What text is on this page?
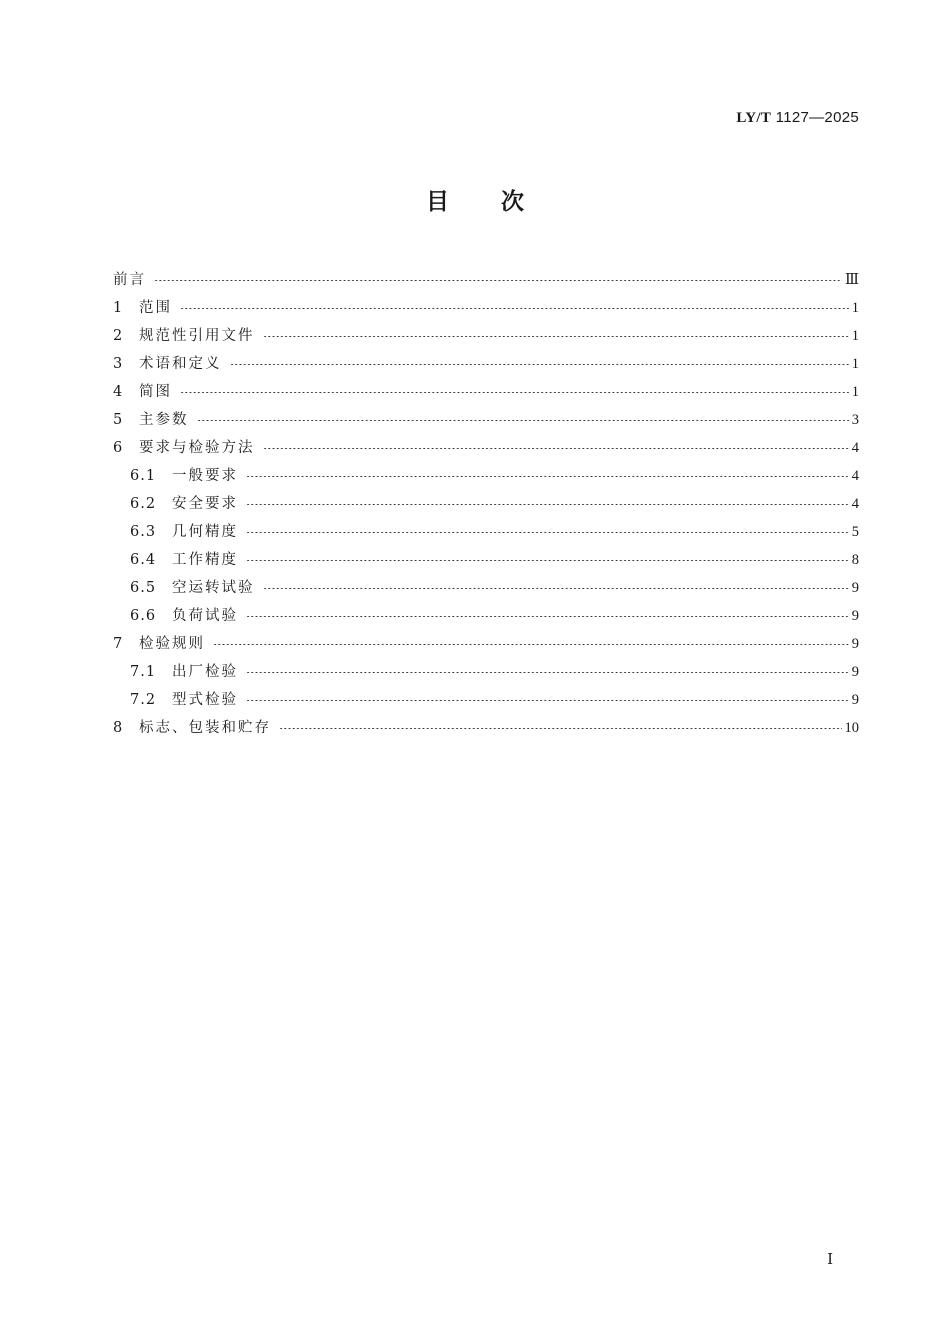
LY/T 1127—2025
目次
前言	Ⅲ
1	范围	1
2	规范性引用文件	1
3	术语和定义	1
4	简图	1
5	主参数	3
6	要求与检验方法	4
6.1	一般要求	4
6.2	安全要求	4
6.3	几何精度	5
6.4	工作精度	8
6.5	空运转试验	9
6.6	负荷试验	9
7	检验规则	9
7.1	出厂检验	9
7.2	型式检验	9
8	标志、包装和贮存	10
Ⅰ
